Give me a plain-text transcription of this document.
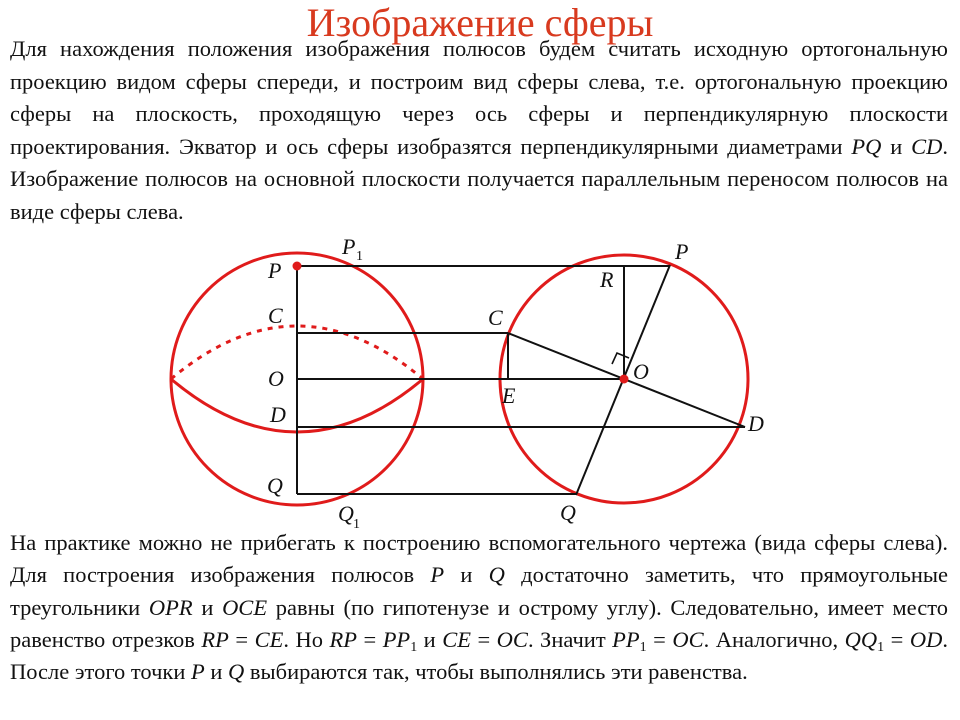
Изображение сферы

Для нахождения положения изображения полюсов будем считать исходную ортогональную проекцию видом сферы спереди, и построим вид сферы слева, т.е. ортогональную проекцию сферы на плоскость, проходящую через ось сферы и перпендикулярную плоскости проектирования. Экватор и ось сферы изобразятся перпендикулярными диаметрами PQ и CD. Изображение полюсов на основной плоскости получается параллельным переносом полюсов на виде сферы слева.

P
C
O
D
Q
P 1
Q 1
C
E
R
P
O
D
Q

На практике можно не прибегать к построению вспомогательного чертежа (вида сферы слева). Для построения изображения полюсов P и Q достаточно заметить, что прямоугольные треугольники OPR и OCE равны (по гипотенузе и острому углу). Следовательно, имеет место равенство отрезков RP = CE. Но RP = $PP_1$ и CE = OC. Значит $PP_1$ = OC. Аналогично, $QQ_1$ = OD. После этого точки P и Q выбираются так, чтобы выполнялись эти равенства.
